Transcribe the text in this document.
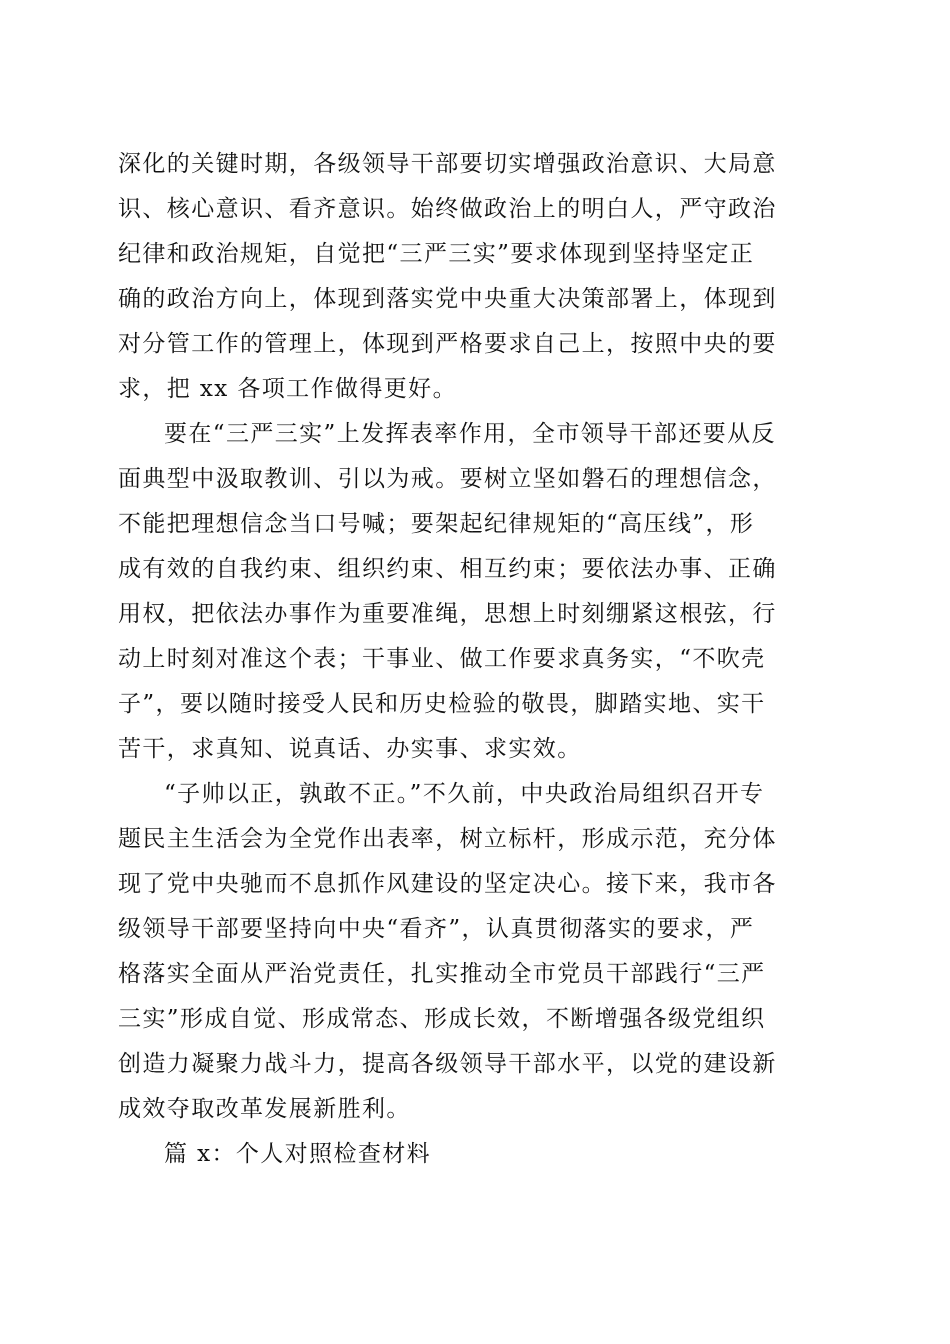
深化的关键时期，各级领导干部要切实增强政治意识、大局意
识、核心意识、看齐意识。始终做政治上的明白人，严守政治
纪律和政治规矩，自觉把“三严三实”要求体现到坚持坚定正
确的政治方向上，体现到落实党中央重大决策部署上，体现到
对分管工作的管理上，体现到严格要求自己上，按照中央的要
求，把 xx 各项工作做得更好。

要在“三严三实”上发挥表率作用，全市领导干部还要从反
面典型中汲取教训、引以为戒。要树立坚如磐石的理想信念，
不能把理想信念当口号喊；要架起纪律规矩的“高压线”，形
成有效的自我约束、组织约束、相互约束；要依法办事、正确
用权，把依法办事作为重要准绳，思想上时刻绷紧这根弦，行
动上时刻对准这个表；干事业、做工作要求真务实，“不吹壳
子”，要以随时接受人民和历史检验的敬畏，脚踏实地、实干
苦干，求真知、说真话、办实事、求实效。

“子帅以正，孰敢不正。”不久前，中央政治局组织召开专
题民主生活会为全党作出表率，树立标杆，形成示范，充分体
现了党中央驰而不息抓作风建设的坚定决心。接下来，我市各
级领导干部要坚持向中央“看齐”，认真贯彻落实的要求，严
格落实全面从严治党责任，扎实推动全市党员干部践行“三严
三实”形成自觉、形成常态、形成长效，不断增强各级党组织
创造力凝聚力战斗力，提高各级领导干部水平，以党的建设新
成效夺取改革发展新胜利。

篇 x：个人对照检查材料
